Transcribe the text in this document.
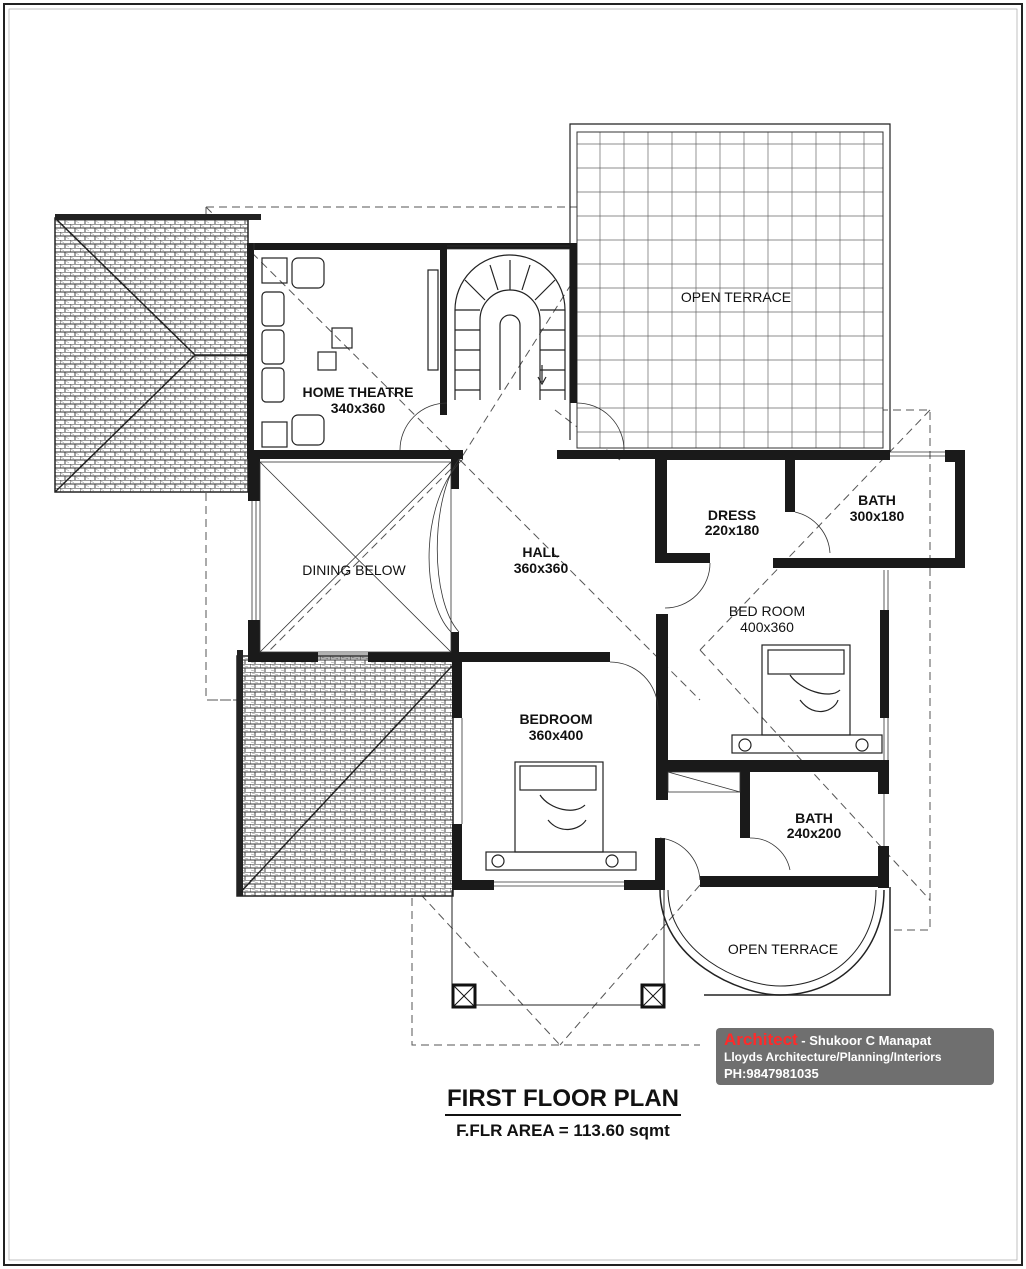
HOME THEATRE
340x360
OPEN TERRACE
DINING BELOW
HALL
360x360
DRESS
220x180
BATH
300x180
BED ROOM
400x360
BEDROOM
360x400
BATH
240x200
OPEN TERRACE
Architect - Shukoor C Manapat
Lloyds Architecture/Planning/Interiors
PH:9847981035
FIRST FLOOR PLAN
F.FLR AREA = 113.60 sqmt
